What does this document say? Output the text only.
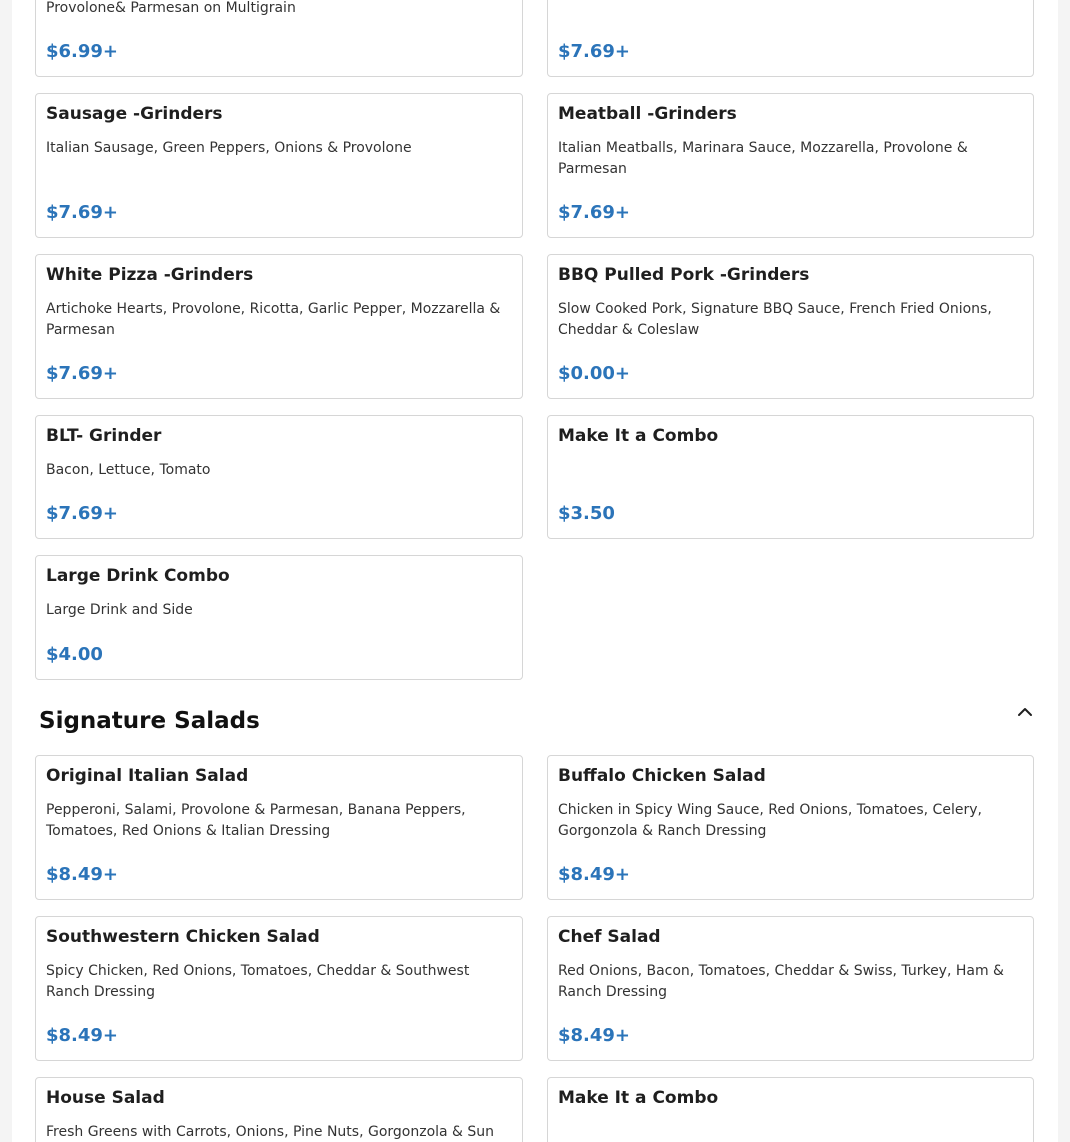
Provolone& Parmesan on Multigrain
$6.99+	$7.69+
Sausage -Grinders
Italian Sausage, Green Peppers, Onions & Provolone
$7.69+
Meatball -Grinders
Italian Meatballs, Marinara Sauce, Mozzarella, Provolone & Parmesan
$7.69+
White Pizza -Grinders
Artichoke Hearts, Provolone, Ricotta, Garlic Pepper, Mozzarella & Parmesan
$7.69+
BBQ Pulled Pork -Grinders
Slow Cooked Pork, Signature BBQ Sauce, French Fried Onions, Cheddar & Coleslaw
$0.00+
BLT- Grinder
Bacon, Lettuce, Tomato
$7.69+
Make It a Combo
$3.50
Large Drink Combo
Large Drink and Side
$4.00
Signature Salads
Original Italian Salad
Pepperoni, Salami, Provolone & Parmesan, Banana Peppers, Tomatoes, Red Onions & Italian Dressing
$8.49+
Buffalo Chicken Salad
Chicken in Spicy Wing Sauce, Red Onions, Tomatoes, Celery, Gorgonzola & Ranch Dressing
$8.49+
Southwestern Chicken Salad
Spicy Chicken, Red Onions, Tomatoes, Cheddar & Southwest Ranch Dressing
$8.49+
Chef Salad
Red Onions, Bacon, Tomatoes, Cheddar & Swiss, Turkey, Ham & Ranch Dressing
$8.49+
House Salad
Fresh Greens with Carrots, Onions, Pine Nuts, Gorgonzola & Sun
Make It a Combo
